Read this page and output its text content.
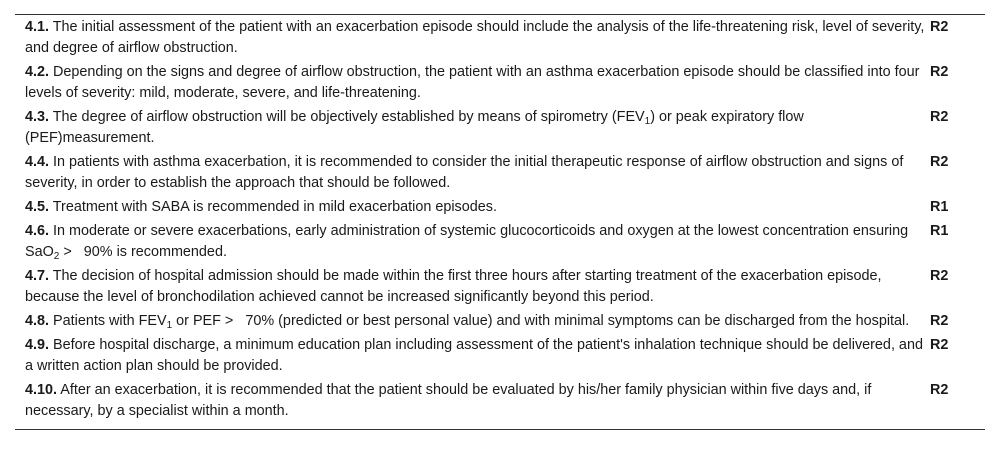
4.1. The initial assessment of the patient with an exacerbation episode should include the analysis of the life-threatening risk, level of severity, and degree of airflow obstruction.	R2
4.2. Depending on the signs and degree of airflow obstruction, the patient with an asthma exacerbation episode should be classified into four levels of severity: mild, moderate, severe, and life-threatening.	R2
4.3. The degree of airflow obstruction will be objectively established by means of spirometry $(FEV_1)$ or peak expiratory flow (PEF)measurement.	R2
4.4. In patients with asthma exacerbation, it is recommended to consider the initial therapeutic response of airflow obstruction and signs of severity, in order to establish the approach that should be followed.	R2
4.5. Treatment with SABA is recommended in mild exacerbation episodes.	R1
4.6. In moderate or severe exacerbations, early administration of systemic glucocorticoids and oxygen at the lowest concentration ensuring SaO$_2$ > 90% is recommended.	R1
4.7. The decision of hospital admission should be made within the first three hours after starting treatment of the exacerbation episode, because the level of bronchodilation achieved cannot be increased significantly beyond this period.	R2
4.8. Patients with $FEV_1$ or PEF > 70% (predicted or best personal value) and with minimal symptoms can be discharged from the hospital.	R2
4.9. Before hospital discharge, a minimum education plan including assessment of the patient's inhalation technique should be delivered, and a written action plan should be provided.	R2
4.10. After an exacerbation, it is recommended that the patient should be evaluated by his/her family physician within five days and, if necessary, by a specialist within a month.	R2
